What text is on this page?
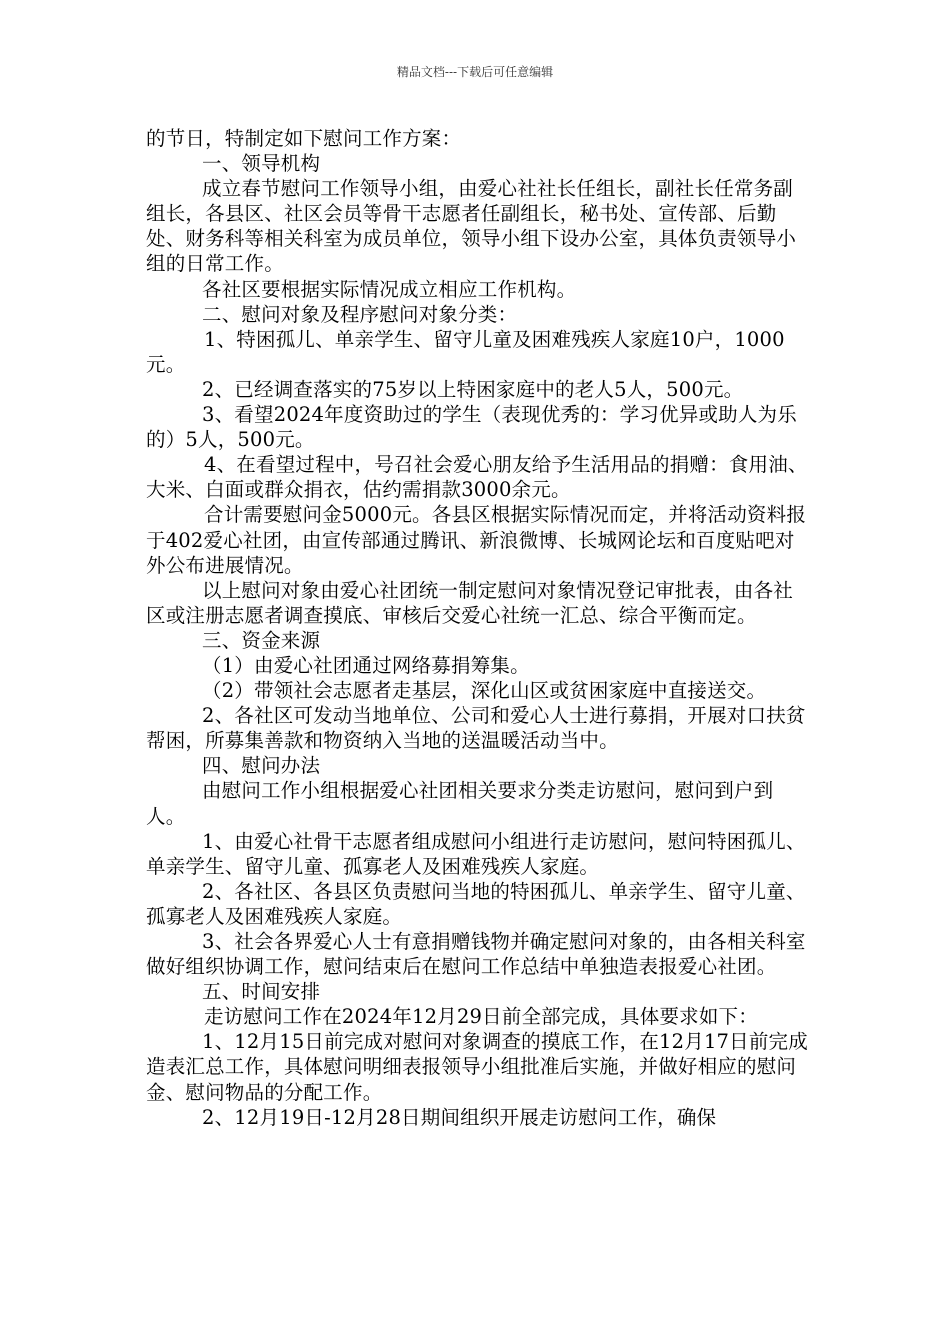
精品文档---下载后可任意编辑

的节日，特制定如下慰问工作方案：

一、领导机构

成立春节慰问工作领导小组，由爱心社社长任组长，副社长任常务副组长，各县区、社区会员等骨干志愿者任副组长，秘书处、宣传部、后勤处、财务科等相关科室为成员单位，领导小组下设办公室，具体负责领导小组的日常工作。

各社区要根据实际情况成立相应工作机构。

二、慰问对象及程序慰问对象分类：

1、特困孤儿、单亲学生、留守儿童及困难残疾人家庭10户，1000元。

2、已经调查落实的75岁以上特困家庭中的老人5人，500元。

3、看望2024年度资助过的学生（表现优秀的：学习优异或助人为乐的）5人，500元。

4、在看望过程中，号召社会爱心朋友给予生活用品的捐赠：食用油、大米、白面或群众捐衣，估约需捐款3000余元。

合计需要慰问金5000元。各县区根据实际情况而定，并将活动资料报于402爱心社团，由宣传部通过腾讯、新浪微博、长城网论坛和百度贴吧对外公布进展情况。

以上慰问对象由爱心社团统一制定慰问对象情况登记审批表，由各社区或注册志愿者调查摸底、审核后交爱心社统一汇总、综合平衡而定。

三、资金来源

（1）由爱心社团通过网络募捐筹集。

（2）带领社会志愿者走基层，深化山区或贫困家庭中直接送交。

2、各社区可发动当地单位、公司和爱心人士进行募捐，开展对口扶贫帮困，所募集善款和物资纳入当地的送温暖活动当中。

四、慰问办法

由慰问工作小组根据爱心社团相关要求分类走访慰问，慰问到户到人。

1、由爱心社骨干志愿者组成慰问小组进行走访慰问，慰问特困孤儿、单亲学生、留守儿童、孤寡老人及困难残疾人家庭。

2、各社区、各县区负责慰问当地的特困孤儿、单亲学生、留守儿童、孤寡老人及困难残疾人家庭。

3、社会各界爱心人士有意捐赠钱物并确定慰问对象的，由各相关科室做好组织协调工作，慰问结束后在慰问工作总结中单独造表报爱心社团。

五、时间安排

走访慰问工作在2024年12月29日前全部完成，具体要求如下：

1、12月15日前完成对慰问对象调查的摸底工作，在12月17日前完成造表汇总工作，具体慰问明细表报领导小组批准后实施，并做好相应的慰问金、慰问物品的分配工作。

2、12月19日-12月28日期间组织开展走访慰问工作，确保
